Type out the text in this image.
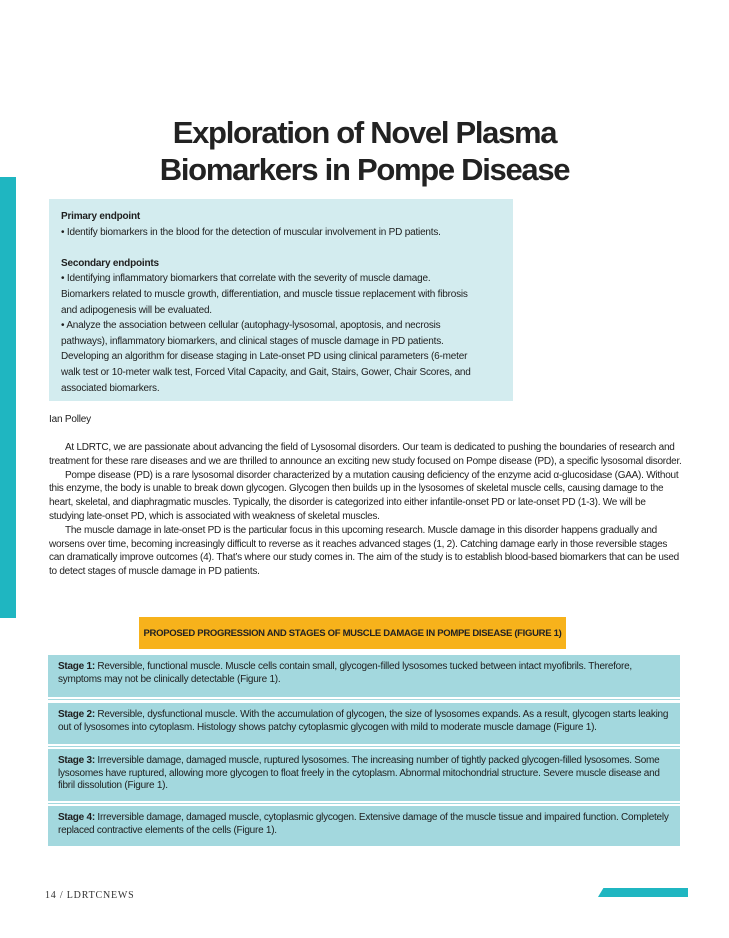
Exploration of Novel Plasma
Biomarkers in Pompe Disease
Primary endpoint
• Identify biomarkers in the blood for the detection of muscular involvement in PD patients.
Secondary endpoints
• Identifying inflammatory biomarkers that correlate with the severity of muscle damage.
Biomarkers related to muscle growth, differentiation, and muscle tissue replacement with fibrosis
and adipogenesis will be evaluated.
• Analyze the association between cellular (autophagy-lysosomal, apoptosis, and necrosis
pathways), inflammatory biomarkers, and clinical stages of muscle damage in PD patients.
Developing an algorithm for disease staging in Late-onset PD using clinical parameters (6-meter
walk test or 10-meter walk test, Forced Vital Capacity, and Gait, Stairs, Gower, Chair Scores, and
associated biomarkers.
Ian Polley

At LDRTC, we are passionate about advancing the field of Lysosomal disorders. Our team is dedicated to pushing the boundaries of research and treatment for these rare diseases and we are thrilled to announce an exciting new study focused on Pompe disease (PD), a specific lysosomal disorder.

Pompe disease (PD) is a rare lysosomal disorder characterized by a mutation causing deficiency of the enzyme acid α-glucosidase (GAA). Without this enzyme, the body is unable to break down glycogen. Glycogen then builds up in the lysosomes of skeletal muscle cells, causing damage to the heart, skeletal, and diaphragmatic muscles. Typically, the disorder is categorized into either infantile-onset PD or late-onset PD (1-3). We will be studying late-onset PD, which is associated with weakness of skeletal muscles.

The muscle damage in late-onset PD is the particular focus in this upcoming research. Muscle damage in this disorder happens gradually and worsens over time, becoming increasingly difficult to reverse as it reaches advanced stages (1, 2). Catching damage early in those reversible stages can dramatically improve outcomes (4). That’s where our study comes in. The aim of the study is to establish blood-based biomarkers that can be used to detect stages of muscle damage in PD patients.

PROPOSED PROGRESSION AND STAGES OF MUSCLE DAMAGE IN POMPE DISEASE (FIGURE 1)
Stage 1: Reversible, functional muscle. Muscle cells contain small, glycogen-filled lysosomes tucked between intact myofibrils. Therefore, symptoms may not be clinically detectable (Figure 1).
Stage 2: Reversible, dysfunctional muscle. With the accumulation of glycogen, the size of lysosomes expands. As a result, glycogen starts leaking out of lysosomes into cytoplasm. Histology shows patchy cytoplasmic glycogen with mild to moderate muscle damage (Figure 1).
Stage 3: Irreversible damage, damaged muscle, ruptured lysosomes. The increasing number of tightly packed glycogen-filled lysosomes. Some lysosomes have ruptured, allowing more glycogen to float freely in the cytoplasm. Abnormal mitochondrial structure. Severe muscle disease and fibril dissolution (Figure 1).
Stage 4: Irreversible damage, damaged muscle, cytoplasmic glycogen. Extensive damage of the muscle tissue and impaired function. Completely replaced contractive elements of the cells (Figure 1).
14 / LDRTCNEWS
